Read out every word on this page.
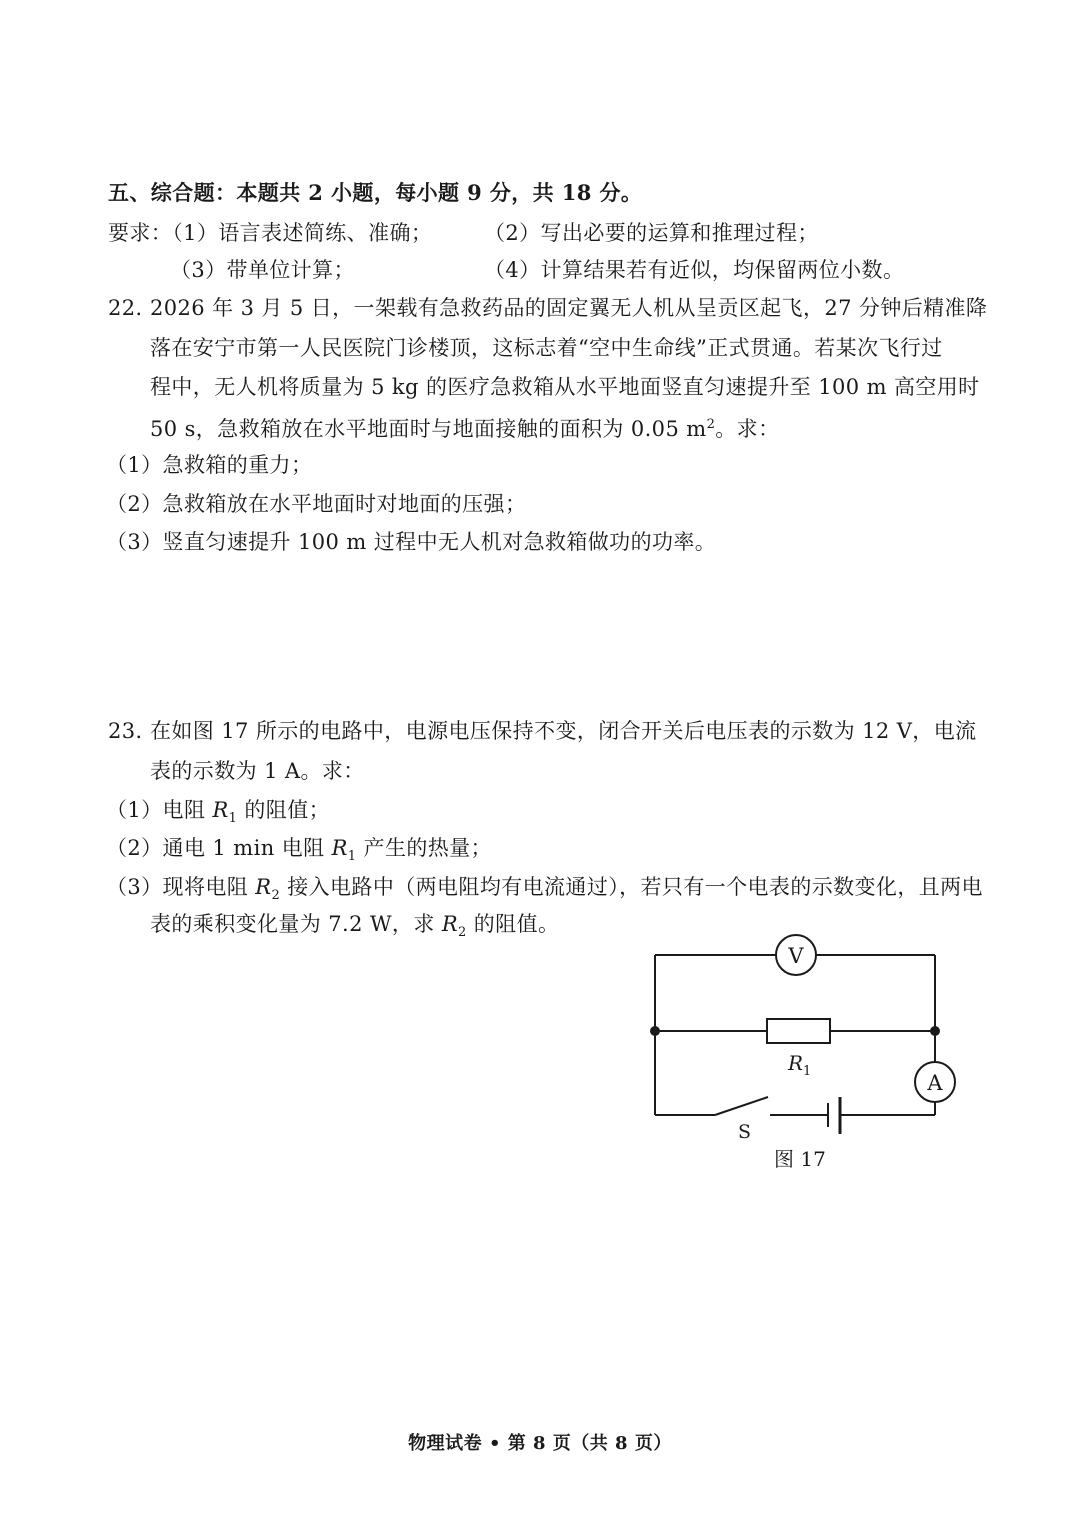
五、综合题：本题共 2 小题，每小题 9 分，共 18 分。
要求：（1）语言表述简练、准确； （2）写出必要的运算和推理过程；
（3）带单位计算；	（4）计算结果若有近似，均保留两位小数。
22．
2026 年 3 月 5 日，一架载有急救药品的固定翼无人机从呈贡区起飞，27 分钟后精准降
落在安宁市第一人民医院门诊楼顶，这标志着“空中生命线”正式贯通。若某次飞行过
程中，无人机将质量为 5 kg 的医疗急救箱从水平地面竖直匀速提升至 100 m 高空用时
50 s，急救箱放在水平地面时与地面接触的面积为 0.05 $m^2$。求：
（1）急救箱的重力；
（2）急救箱放在水平地面时对地面的压强；
（3）竖直匀速提升 100 m 过程中无人机对急救箱做功的功率。
23．
在如图 17 所示的电路中，电源电压保持不变，闭合开关后电压表的示数为 12 V，电流
表的示数为 1 A。求：
（1）电阻 $R_1$ 的阻值；
（2）通电 1 min 电阻 $R_1$ 产生的热量；
（3）现将电阻 $R_2$ 接入电路中（两电阻均有电流通过），若只有一个电表的示数变化，且两电
表的乘积变化量为 7.2 W，求 $R_2$ 的阻值。
V
A
R 1
S
图 17
物理试卷 • 第 8 页（共 8 页）
